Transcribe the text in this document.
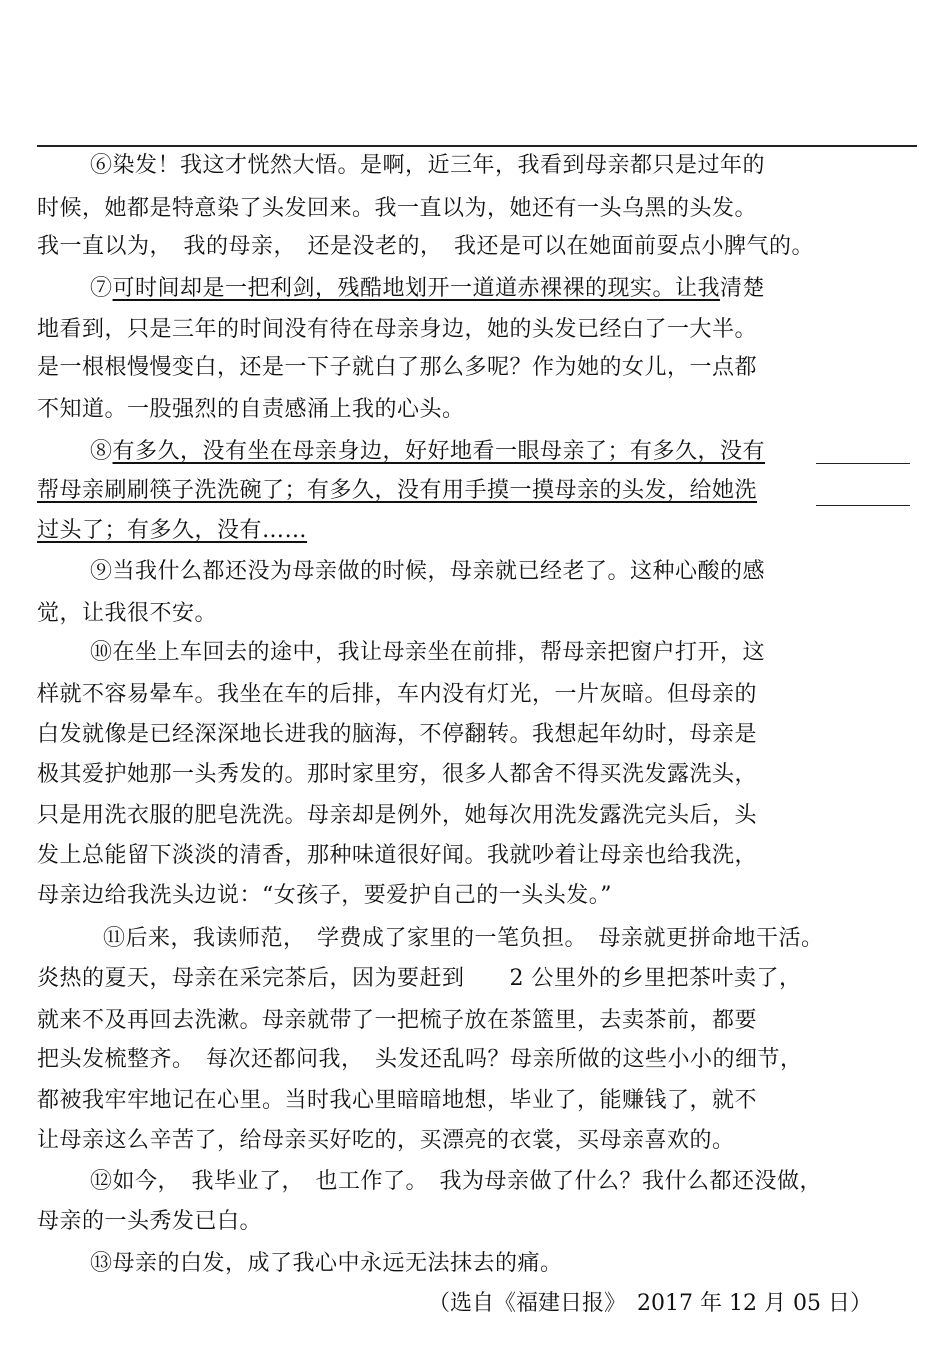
⑥染发！我这才恍然大悟。是啊，近三年，我看到母亲都只是过年的
时候，她都是特意染了头发回来。我一直以为，她还有一头乌黑的头发。
我一直以为，　我的母亲，　还是没老的，　我还是可以在她面前耍点小脾气的。
⑦可时间却是一把利剑，残酷地划开一道道赤裸裸的现实。让我清楚
地看到，只是三年的时间没有待在母亲身边，她的头发已经白了一大半。
是一根根慢慢变白，还是一下子就白了那么多呢？作为她的女儿，一点都
不知道。一股强烈的自责感涌上我的心头。
⑧有多久，没有坐在母亲身边，好好地看一眼母亲了；有多久，没有
帮母亲刷刷筷子洗洗碗了；有多久，没有用手摸一摸母亲的头发，给她洗
过头了；有多久，没有……
⑨当我什么都还没为母亲做的时候，母亲就已经老了。这种心酸的感
觉，让我很不安。
⑩在坐上车回去的途中，我让母亲坐在前排，帮母亲把窗户打开，这
样就不容易晕车。我坐在车的后排，车内没有灯光，一片灰暗。但母亲的
白发就像是已经深深地长进我的脑海，不停翻转。我想起年幼时，母亲是
极其爱护她那一头秀发的。那时家里穷，很多人都舍不得买洗发露洗头，
只是用洗衣服的肥皂洗洗。母亲却是例外，她每次用洗发露洗完头后，头
发上总能留下淡淡的清香，那种味道很好闻。我就吵着让母亲也给我洗，
母亲边给我洗头边说：“女孩子，要爱护自己的一头头发。”
⑪后来，我读师范，　学费成了家里的一笔负担。　母亲就更拼命地干活。
炎热的夏天，母亲在采完茶后，因为要赶到　　2 公里外的乡里把茶叶卖了，
就来不及再回去洗漱。母亲就带了一把梳子放在茶篮里，去卖茶前，都要
把头发梳整齐。　每次还都问我，　头发还乱吗？母亲所做的这些小小的细节，
都被我牢牢地记在心里。当时我心里暗暗地想，毕业了，能赚钱了，就不
让母亲这么辛苦了，给母亲买好吃的，买漂亮的衣裳，买母亲喜欢的。
⑫如今，　我毕业了，　也工作了。　我为母亲做了什么？我什么都还没做，
母亲的一头秀发已白。
⑬母亲的白发，成了我心中永远无法抹去的痛。
（选自《福建日报》　2017 年 12 月 05 日）
